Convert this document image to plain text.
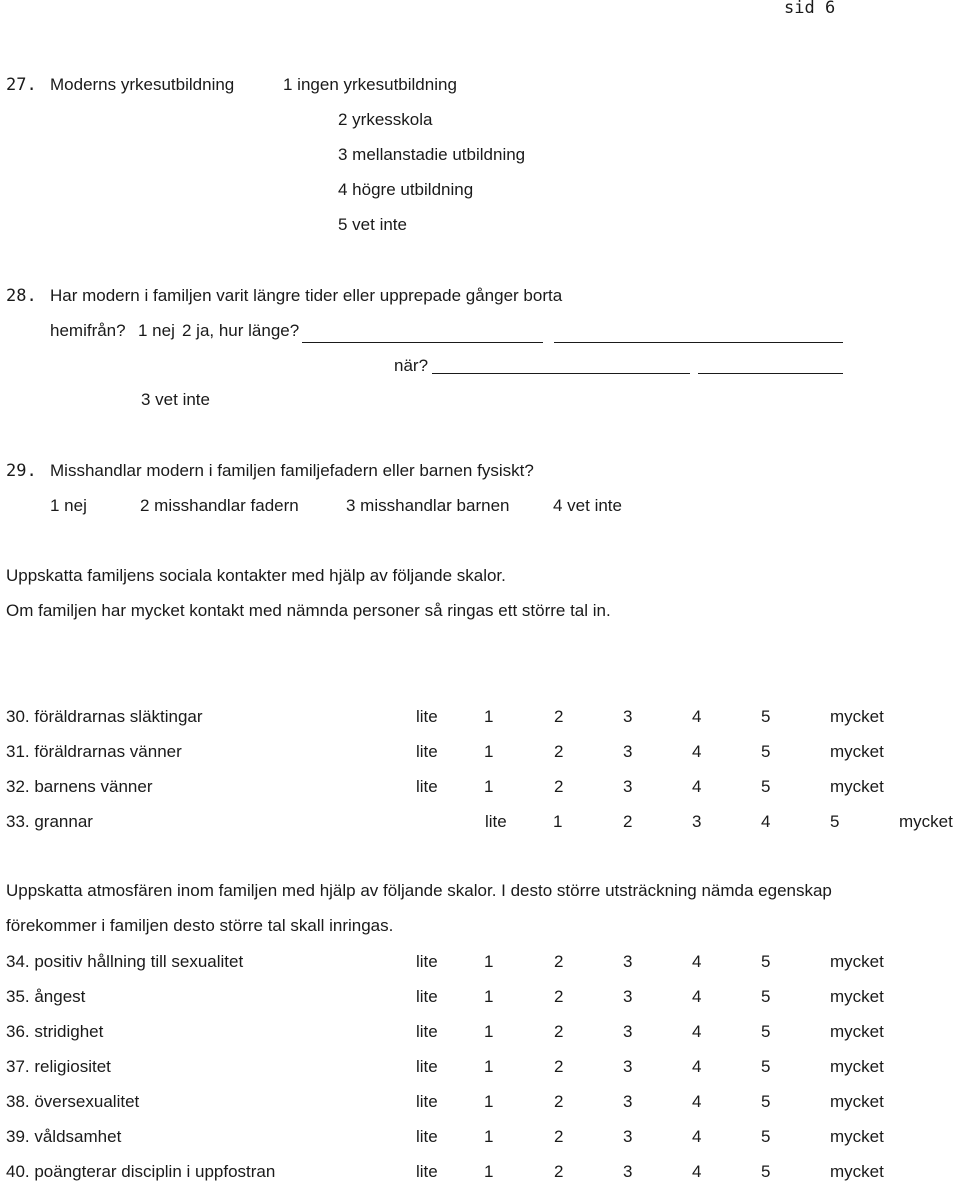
sid 6
27. Moderns yrkesutbildning	1 ingen yrkesutbildning
2 yrkesskola
3 mellanstadie utbildning
4 högre utbildning
5 vet inte
28. Har modern i familjen varit längre tider eller upprepade gånger borta
hemifrån? 1 nej 2 ja, hur länge?
när?
3 vet inte
29. Misshandlar modern i familjen familjefadern eller barnen fysiskt?
1 nej	2 misshandlar fadern	3 misshandlar barnen	4 vet inte
Uppskatta familjens sociala kontakter med hjälp av följande skalor.
Om familjen har mycket kontakt med nämnda personer så ringas ett större tal in.
30. föräldrarnas släktingar	lite	1	2	3	4	5	mycket
31. föräldrarnas vänner	lite	1	2	3	4	5	mycket
32. barnens vänner	lite	1	2	3	4	5	mycket
33. grannar	lite	1	2	3	4	5	mycket
Uppskatta atmosfären inom familjen med hjälp av följande skalor. I desto större utsträckning nämda egenskap
förekommer i familjen desto större tal skall inringas.
34. positiv hållning till sexualitet	lite	1	2	3	4	5	mycket
35. ångest	lite	1	2	3	4	5	mycket
36. stridighet	lite	1	2	3	4	5	mycket
37. religiositet	lite	1	2	3	4	5	mycket
38. översexualitet	lite	1	2	3	4	5	mycket
39. våldsamhet	lite	1	2	3	4	5	mycket
40. poängterar disciplin i uppfostran	lite	1	2	3	4	5	mycket
